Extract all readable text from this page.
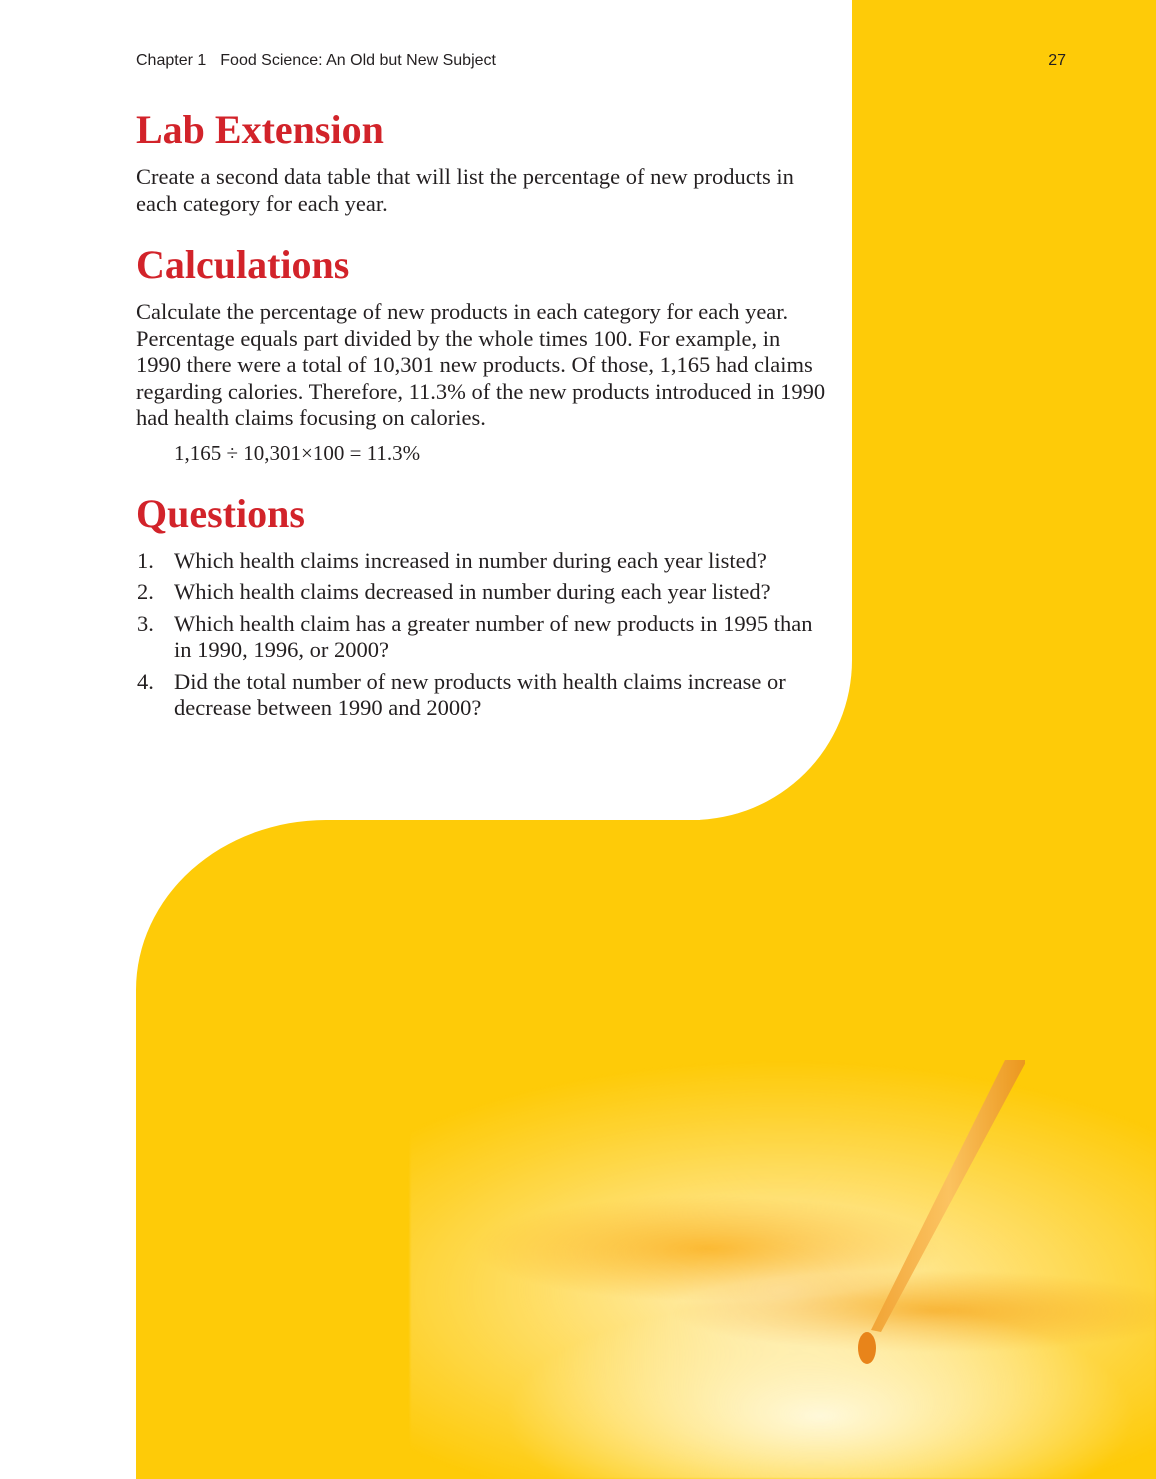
Chapter 1 Food Science: An Old but New Subject	27
Lab Extension

Create a second data table that will list the percentage of new products in each category for each year.

Calculations

Calculate the percentage of new products in each category for each year. Percentage equals part divided by the whole times 100. For example, in 1990 there were a total of 10,301 new products. Of those, 1,165 had claims regarding calories. Therefore, 11.3% of the new products introduced in 1990 had health claims focusing on calories.

1,165 ÷ 10,301×100 = 11.3%
Questions
1. Which health claims increased in number during each year listed?
2. Which health claims decreased in number during each year listed?
3. Which health claim has a greater number of new products in 1995 than in 1990, 1996, or 2000?
4. Did the total number of new products with health claims increase or decrease between 1990 and 2000?
